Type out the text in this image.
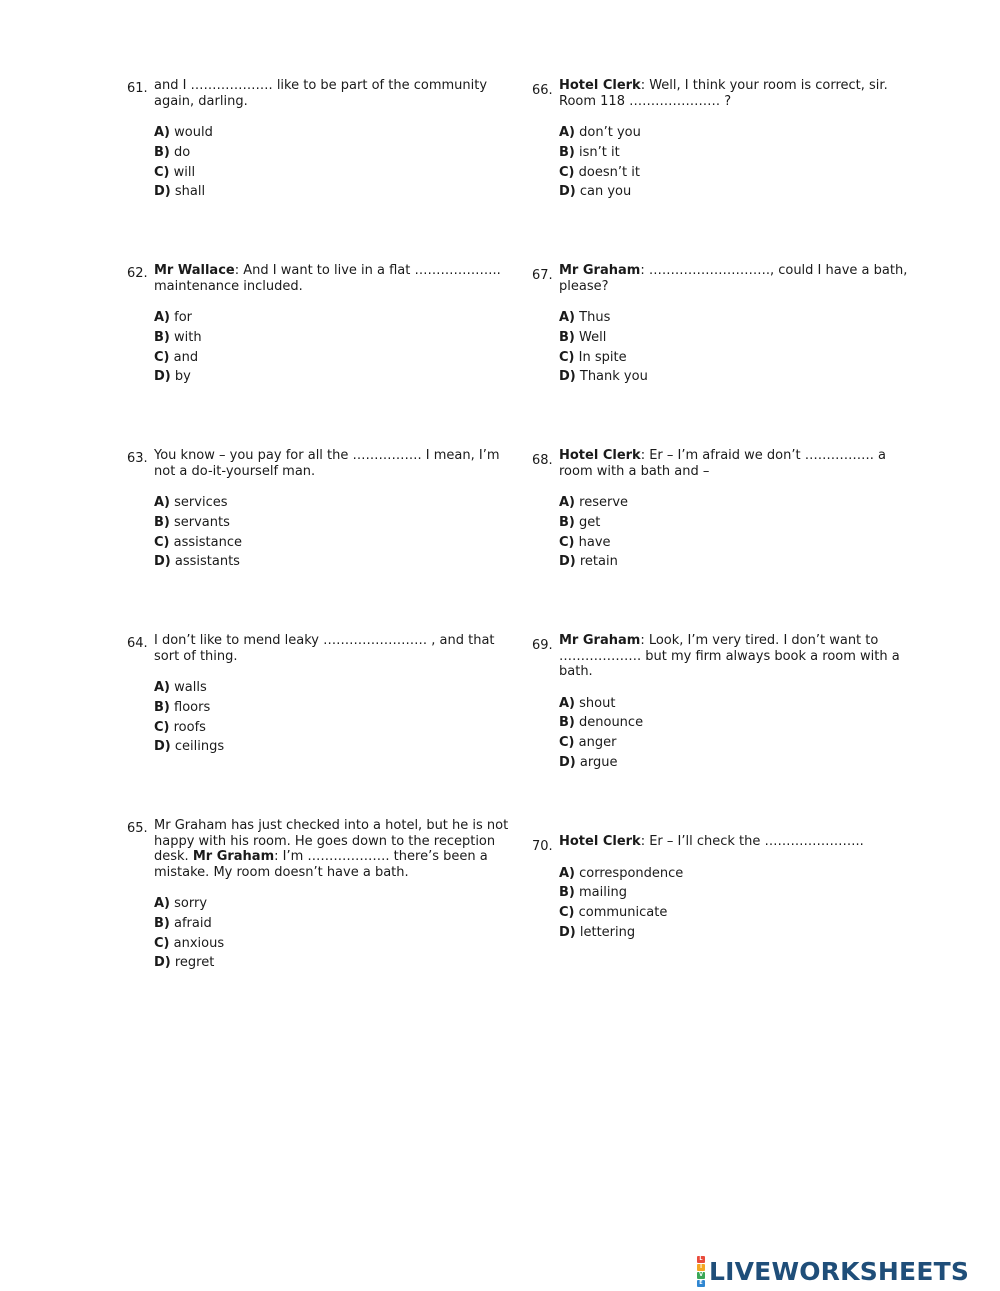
61. and I ………………. like to be part of the community again, darling.

A) would
B) do
C) will
D) shall
62. Mr Wallace: And I want to live in a flat ……………….. maintenance included.

A) for
B) with
C) and
D) by
63. You know – you pay for all the ……………. I mean, I’m not a do-it-yourself man.

A) services
B) servants
C) assistance
D) assistants
64. I don’t like to mend leaky …………………… , and that sort of thing.

A) walls
B) floors
C) roofs
D) ceilings
65. Mr Graham has just checked into a hotel, but he is not happy with his room. He goes down to the reception desk. Mr Graham: I’m ………………. there’s been a mistake. My room doesn’t have a bath.

A) sorry
B) afraid
C) anxious
D) regret
66. Hotel Clerk: Well, I think your room is correct, sir. Room 118 ………………… ?

A) don’t you
B) isn’t it
C) doesn’t it
D) can you
67. Mr Graham: ………………………., could I have a bath, please?

A) Thus
B) Well
C) In spite
D) Thank you
68. Hotel Clerk: Er – I’m afraid we don’t ……………. a room with a bath and –

A) reserve
B) get
C) have
D) retain
69. Mr Graham: Look, I’m very tired. I don’t want to ………………. but my firm always book a room with a bath.

A) shout
B) denounce
C) anger
D) argue
70. Hotel Clerk: Er – I’ll check the …………………..

A) correspondence
B) mailing
C) communicate
D) lettering
L
I
V
E LIVEWORKSHEETS
